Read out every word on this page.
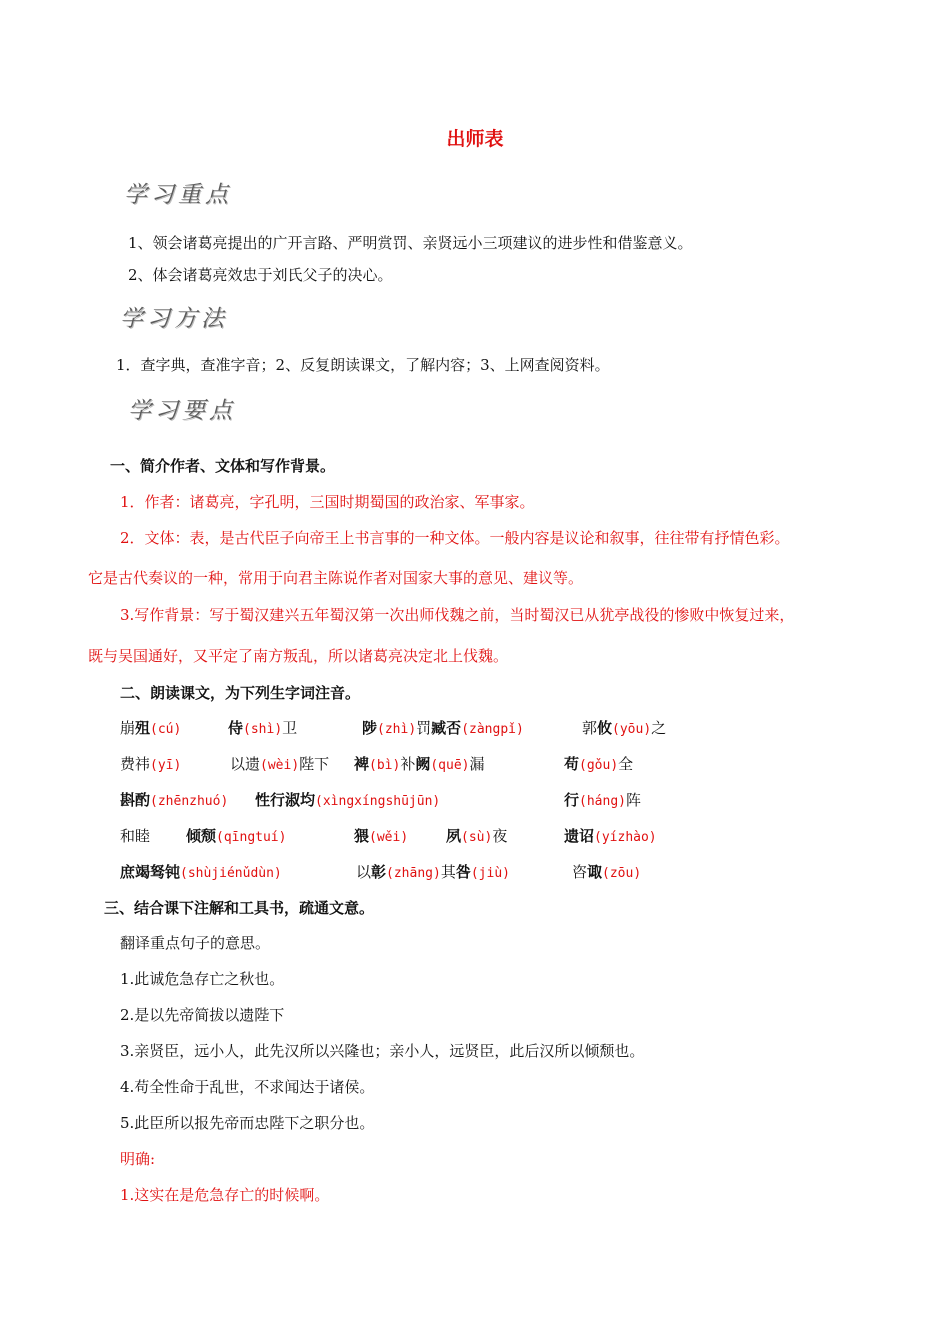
出师表
学习重点
1、领会诸葛亮提出的广开言路、严明赏罚、亲贤远小三项建议的进步性和借鉴意义。
2、体会诸葛亮效忠于刘氏父子的决心。
学习方法
1．查字典，查准字音；2、反复朗读课文，了解内容；3、上网查阅资料。
学习要点
一、简介作者、文体和写作背景。
1．作者：诸葛亮，字孔明，三国时期蜀国的政治家、军事家。
2．文体：表，是古代臣子向帝王上书言事的一种文体。一般内容是议论和叙事，往往带有抒情色彩。
它是古代奏议的一种，常用于向君主陈说作者对国家大事的意见、建议等。
3.写作背景：写于蜀汉建兴五年蜀汉第一次出师伐魏之前，当时蜀汉已从犹亭战役的惨败中恢复过来，
既与吴国通好，又平定了南方叛乱，所以诸葛亮决定北上伐魏。
二、朗读课文，为下列生字词注音。
崩殂(cú)	侍(shì)卫	陟(zhì)罚臧否(zàngpǐ)	郭攸(yōu)之
费祎(yī)	以遗(wèi)陛下 裨(bì)补阙(quē)漏	苟(gǒu)全
斟酌(zhēnzhuó) 性行淑均(xìngxíngshūjūn)	行(háng)阵
和睦 倾颓(qīngtuí)	猥(wěi)	夙(sù)夜	遗诏(yízhào)
庶竭驽钝(shùjiénǔdùn)	以彰(zhāng)其咎(jiù)	咨诹(zōu)
三、结合课下注解和工具书，疏通文意。
翻译重点句子的意思。
1.此诚危急存亡之秋也。
2.是以先帝简拔以遗陛下
3.亲贤臣，远小人，此先汉所以兴隆也；亲小人，远贤臣，此后汉所以倾颓也。
4.苟全性命于乱世，不求闻达于诸侯。
5.此臣所以报先帝而忠陛下之职分也。
明确:
1.这实在是危急存亡的时候啊。
